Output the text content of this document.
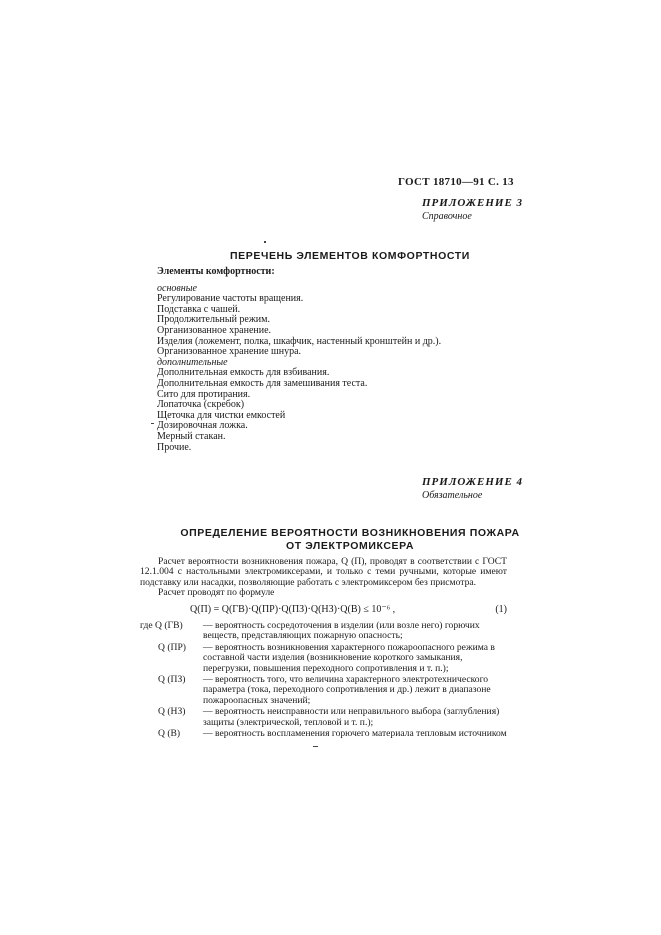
ГОСТ 18710—91 С. 13
ПРИЛОЖЕНИЕ 3
Справочное
ПЕРЕЧЕНЬ ЭЛЕМЕНТОВ КОМФОРТНОСТИ
Элементы комфортности:
основные
Регулирование частоты вращения.
Подставка с чашей.
Продолжительный режим.
Организованное хранение.
Изделия (ложемент, полка, шкафчик, настенный кронштейн и др.).
Организованное хранение шнура.
дополнительные
Дополнительная емкость для взбивания.
Дополнительная емкость для замешивания теста.
Сито для протирания.
Лопаточка (скребок)
Щеточка для чистки емкостей
Дозировочная ложка.
Мерный стакан.
Прочие.
ПРИЛОЖЕНИЕ 4
Обязательное
ОПРЕДЕЛЕНИЕ ВЕРОЯТНОСТИ ВОЗНИКНОВЕНИЯ ПОЖАРА
ОТ ЭЛЕКТРОМИКСЕРА
Расчет вероятности возникновения пожара, Q (П), проводят в соответствии с ГОСТ 12.1.004 с настольными электромиксерами, и только с теми ручными, которые имеют подставку или насадки, позволяющие работать с электромиксером без присмотра.
Расчет проводят по формуле
Q(П) = Q(ГВ)·Q(ПР)·Q(ПЗ)·Q(НЗ)·Q(В) ≤ 10⁻⁶ ,	(1)
где Q (ГВ)	— вероятность сосредоточения в изделии (или возле него) горючих веществ, представляющих пожарную опасность;
Q (ПР)	— вероятность возникновения характерного пожароопасного режима в составной части изделия (возникновение короткого замыкания, перегрузки, повышения переходного сопротивления и т. п.);
Q (ПЗ)	— вероятность того, что величина характерного электротехнического параметра (тока, переходного сопротивления и др.) лежит в диапазоне пожароопасных значений;
Q (НЗ)	— вероятность неисправности или неправильного выбора (заглубления) защиты (электрической, тепловой и т. п.);
Q (В)	— вероятность воспламенения горючего материала тепловым источником
